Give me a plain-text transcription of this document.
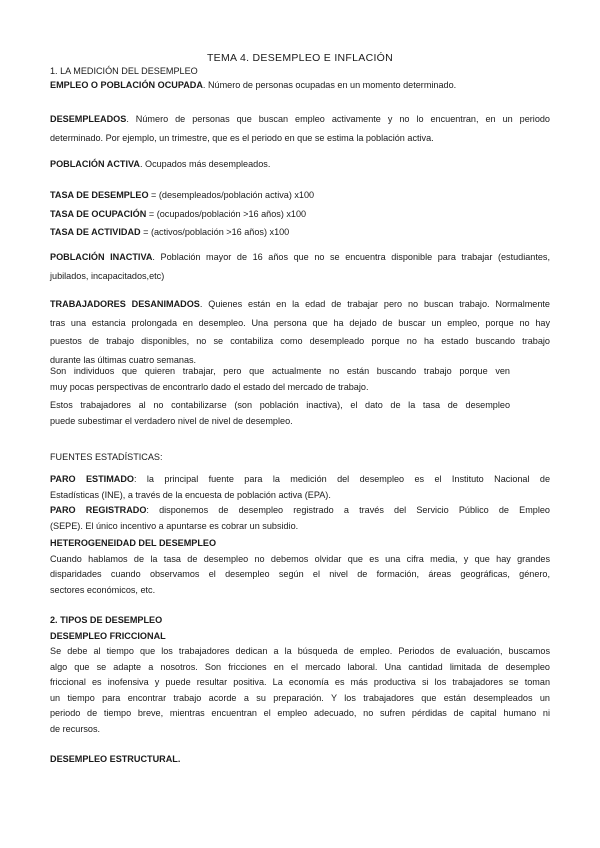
TEMA 4. DESEMPLEO E INFLACIÓN
1. LA MEDICIÓN DEL DESEMPLEO
EMPLEO O POBLACIÓN OCUPADA. Número de personas ocupadas en un momento determinado.
DESEMPLEADOS. Número de personas que buscan empleo activamente y no lo encuentran, en un periodo
determinado. Por ejemplo, un trimestre, que es el periodo en que se estima la población activa.
POBLACIÓN ACTIVA. Ocupados más desempleados.
TASA DE DESEMPLEO = (desempleados/población activa) x100
TASA DE OCUPACIÓN = (ocupados/población >16 años) x100
TASA DE ACTIVIDAD = (activos/población >16 años) x100
POBLACIÓN INACTIVA. Población mayor de 16 años que no se encuentra disponible para trabajar (estudiantes,
jubilados, incapacitados,etc)
TRABAJADORES DESANIMADOS. Quienes están en la edad de trabajar pero no buscan trabajo. Normalmente
tras una estancia prolongada en desempleo. Una persona que ha dejado de buscar un empleo, porque no hay
puestos de trabajo disponibles, no se contabiliza como desempleado porque no ha estado buscando trabajo
durante las últimas cuatro semanas.
Son individuos que quieren trabajar, pero que actualmente no están buscando trabajo porque ven
muy pocas perspectivas de encontrarlo dado el estado del mercado de trabajo.
Estos trabajadores al no contabilizarse (son población inactiva), el dato de la tasa de desempleo
puede subestimar el verdadero nivel de nivel de desempleo.
FUENTES ESTADÍSTICAS:
PARO ESTIMADO: la principal fuente para la medición del desempleo es el Instituto Nacional de
Estadísticas (INE), a través de la encuesta de población activa (EPA).
PARO REGISTRADO: disponemos de desempleo registrado a través del Servicio Público de Empleo
(SEPE). El único incentivo a apuntarse es cobrar un subsidio.
HETEROGENEIDAD DEL DESEMPLEO
Cuando hablamos de la tasa de desempleo no debemos olvidar que es una cifra media, y que hay grandes
disparidades cuando observamos el desempleo según el nivel de formación, áreas geográficas, género,
sectores económicos, etc.
2. TIPOS DE DESEMPLEO
DESEMPLEO FRICCIONAL
Se debe al tiempo que los trabajadores dedican a la búsqueda de empleo. Periodos de evaluación, buscamos
algo que se adapte a nosotros. Son fricciones en el mercado laboral. Una cantidad limitada de desempleo
friccional es inofensiva y puede resultar positiva. La economía es más productiva si los trabajadores se toman
un tiempo para encontrar trabajo acorde a su preparación. Y los trabajadores que están desempleados un
periodo de tiempo breve, mientras encuentran el empleo adecuado, no sufren pérdidas de capital humano ni
de recursos.
DESEMPLEO ESTRUCTURAL.
